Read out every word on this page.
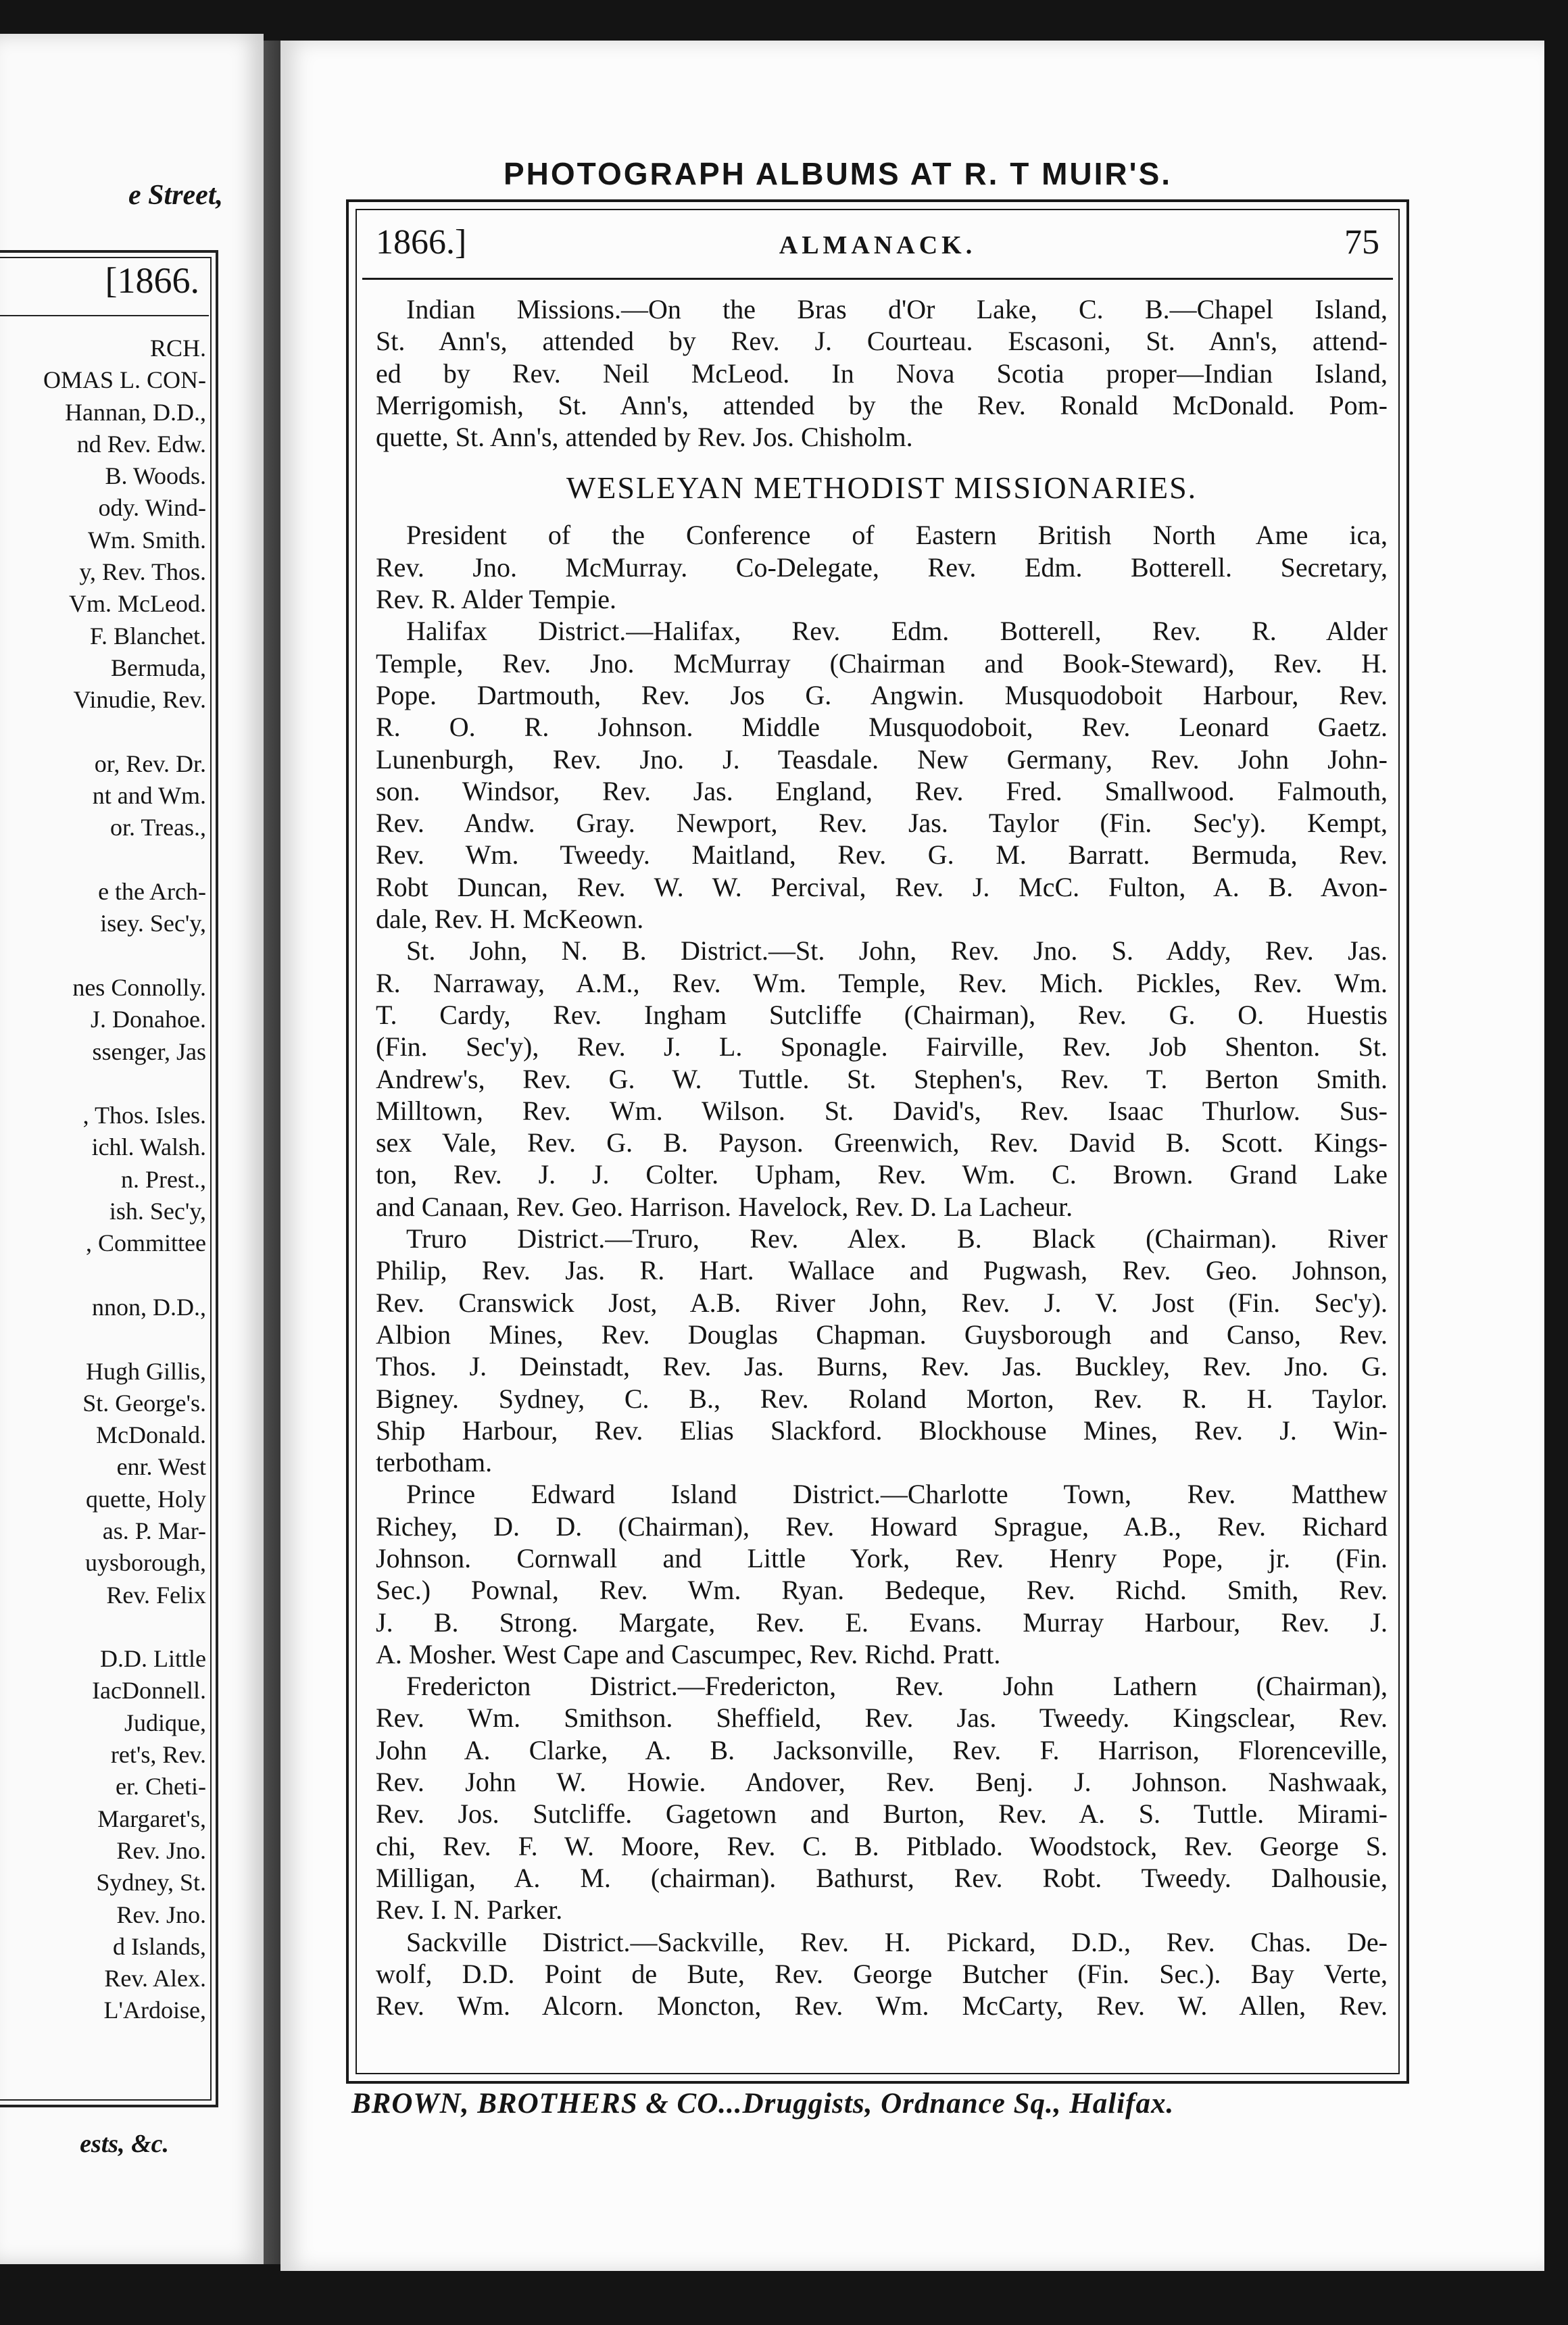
e Street,

[1866.

RCH.
OMAS L. CON-
Hannan, D.D.,
nd Rev. Edw.
B. Woods.
ody. Wind-
Wm. Smith.
y, Rev. Thos.
Vm. McLeod.
F. Blanchet.
Bermuda,
Vinudie, Rev.

or, Rev. Dr.
nt and Wm.
or. Treas.,

e the Arch-
isey. Sec'y,

nes Connolly.
J. Donahoe.
ssenger, Jas

, Thos. Isles.
ichl. Walsh.
n. Prest.,
ish. Sec'y,
, Committee

nnon, D.D.,

Hugh Gillis,
St. George's.
McDonald.
enr. West
quette, Holy
as. P. Mar-
uysborough,
Rev. Felix

D.D. Little
IacDonnell.
Judique,
ret's, Rev.
er. Cheti-
Margaret's,
Rev. Jno.
Sydney, St.
Rev. Jno.
d Islands,
Rev. Alex.
L'Ardoise,

ests, &c.

PHOTOGRAPH ALBUMS AT R. T MUIR'S.

1866.]	ALMANACK.	75

Indian Missions.—On the Bras d'Or Lake, C. B.—Chapel Island,
St. Ann's, attended by Rev. J. Courteau. Escasoni, St. Ann's, attend-
ed by Rev. Neil McLeod. In Nova Scotia proper—Indian Island,
Merrigomish, St. Ann's, attended by the Rev. Ronald McDonald. Pom-
quette, St. Ann's, attended by Rev. Jos. Chisholm.
WESLEYAN METHODIST MISSIONARIES.
President of the Conference of Eastern British North Ame ica,
Rev. Jno. McMurray. Co-Delegate, Rev. Edm. Botterell. Secretary,
Rev. R. Alder Tempie.
Halifax District.—Halifax, Rev. Edm. Botterell, Rev. R. Alder
Temple, Rev. Jno. McMurray (Chairman and Book-Steward), Rev. H.
Pope. Dartmouth, Rev. Jos G. Angwin. Musquodoboit Harbour, Rev.
R. O. R. Johnson. Middle Musquodoboit, Rev. Leonard Gaetz.
Lunenburgh, Rev. Jno. J. Teasdale. New Germany, Rev. John John-
son. Windsor, Rev. Jas. England, Rev. Fred. Smallwood. Falmouth,
Rev. Andw. Gray. Newport, Rev. Jas. Taylor (Fin. Sec'y). Kempt,
Rev. Wm. Tweedy. Maitland, Rev. G. M. Barratt. Bermuda, Rev.
Robt Duncan, Rev. W. W. Percival, Rev. J. McC. Fulton, A. B. Avon-
dale, Rev. H. McKeown.
St. John, N. B. District.—St. John, Rev. Jno. S. Addy, Rev. Jas.
R. Narraway, A.M., Rev. Wm. Temple, Rev. Mich. Pickles, Rev. Wm.
T. Cardy, Rev. Ingham Sutcliffe (Chairman), Rev. G. O. Huestis
(Fin. Sec'y), Rev. J. L. Sponagle. Fairville, Rev. Job Shenton. St.
Andrew's, Rev. G. W. Tuttle. St. Stephen's, Rev. T. Berton Smith.
Milltown, Rev. Wm. Wilson. St. David's, Rev. Isaac Thurlow. Sus-
sex Vale, Rev. G. B. Payson. Greenwich, Rev. David B. Scott. Kings-
ton, Rev. J. J. Colter. Upham, Rev. Wm. C. Brown. Grand Lake
and Canaan, Rev. Geo. Harrison. Havelock, Rev. D. La Lacheur.
Truro District.—Truro, Rev. Alex. B. Black (Chairman). River
Philip, Rev. Jas. R. Hart. Wallace and Pugwash, Rev. Geo. Johnson,
Rev. Cranswick Jost, A.B. River John, Rev. J. V. Jost (Fin. Sec'y).
Albion Mines, Rev. Douglas Chapman. Guysborough and Canso, Rev.
Thos. J. Deinstadt, Rev. Jas. Burns, Rev. Jas. Buckley, Rev. Jno. G.
Bigney. Sydney, C. B., Rev. Roland Morton, Rev. R. H. Taylor.
Ship Harbour, Rev. Elias Slackford. Blockhouse Mines, Rev. J. Win-
terbotham.
Prince Edward Island District.—Charlotte Town, Rev. Matthew
Richey, D. D. (Chairman), Rev. Howard Sprague, A.B., Rev. Richard
Johnson. Cornwall and Little York, Rev. Henry Pope, jr. (Fin.
Sec.) Pownal, Rev. Wm. Ryan. Bedeque, Rev. Richd. Smith, Rev.
J. B. Strong. Margate, Rev. E. Evans. Murray Harbour, Rev. J.
A. Mosher. West Cape and Cascumpec, Rev. Richd. Pratt.
Fredericton District.—Fredericton, Rev. John Lathern (Chairman),
Rev. Wm. Smithson. Sheffield, Rev. Jas. Tweedy. Kingsclear, Rev.
John A. Clarke, A. B. Jacksonville, Rev. F. Harrison, Florenceville,
Rev. John W. Howie. Andover, Rev. Benj. J. Johnson. Nashwaak,
Rev. Jos. Sutcliffe. Gagetown and Burton, Rev. A. S. Tuttle. Mirami-
chi, Rev. F. W. Moore, Rev. C. B. Pitblado. Woodstock, Rev. George S.
Milligan, A. M. (chairman). Bathurst, Rev. Robt. Tweedy. Dalhousie,
Rev. I. N. Parker.
Sackville District.—Sackville, Rev. H. Pickard, D.D., Rev. Chas. De-
wolf, D.D. Point de Bute, Rev. George Butcher (Fin. Sec.). Bay Verte,
Rev. Wm. Alcorn. Moncton, Rev. Wm. McCarty, Rev. W. Allen, Rev.

BROWN, BROTHERS & CO...Druggists, Ordnance Sq., Halifax.
